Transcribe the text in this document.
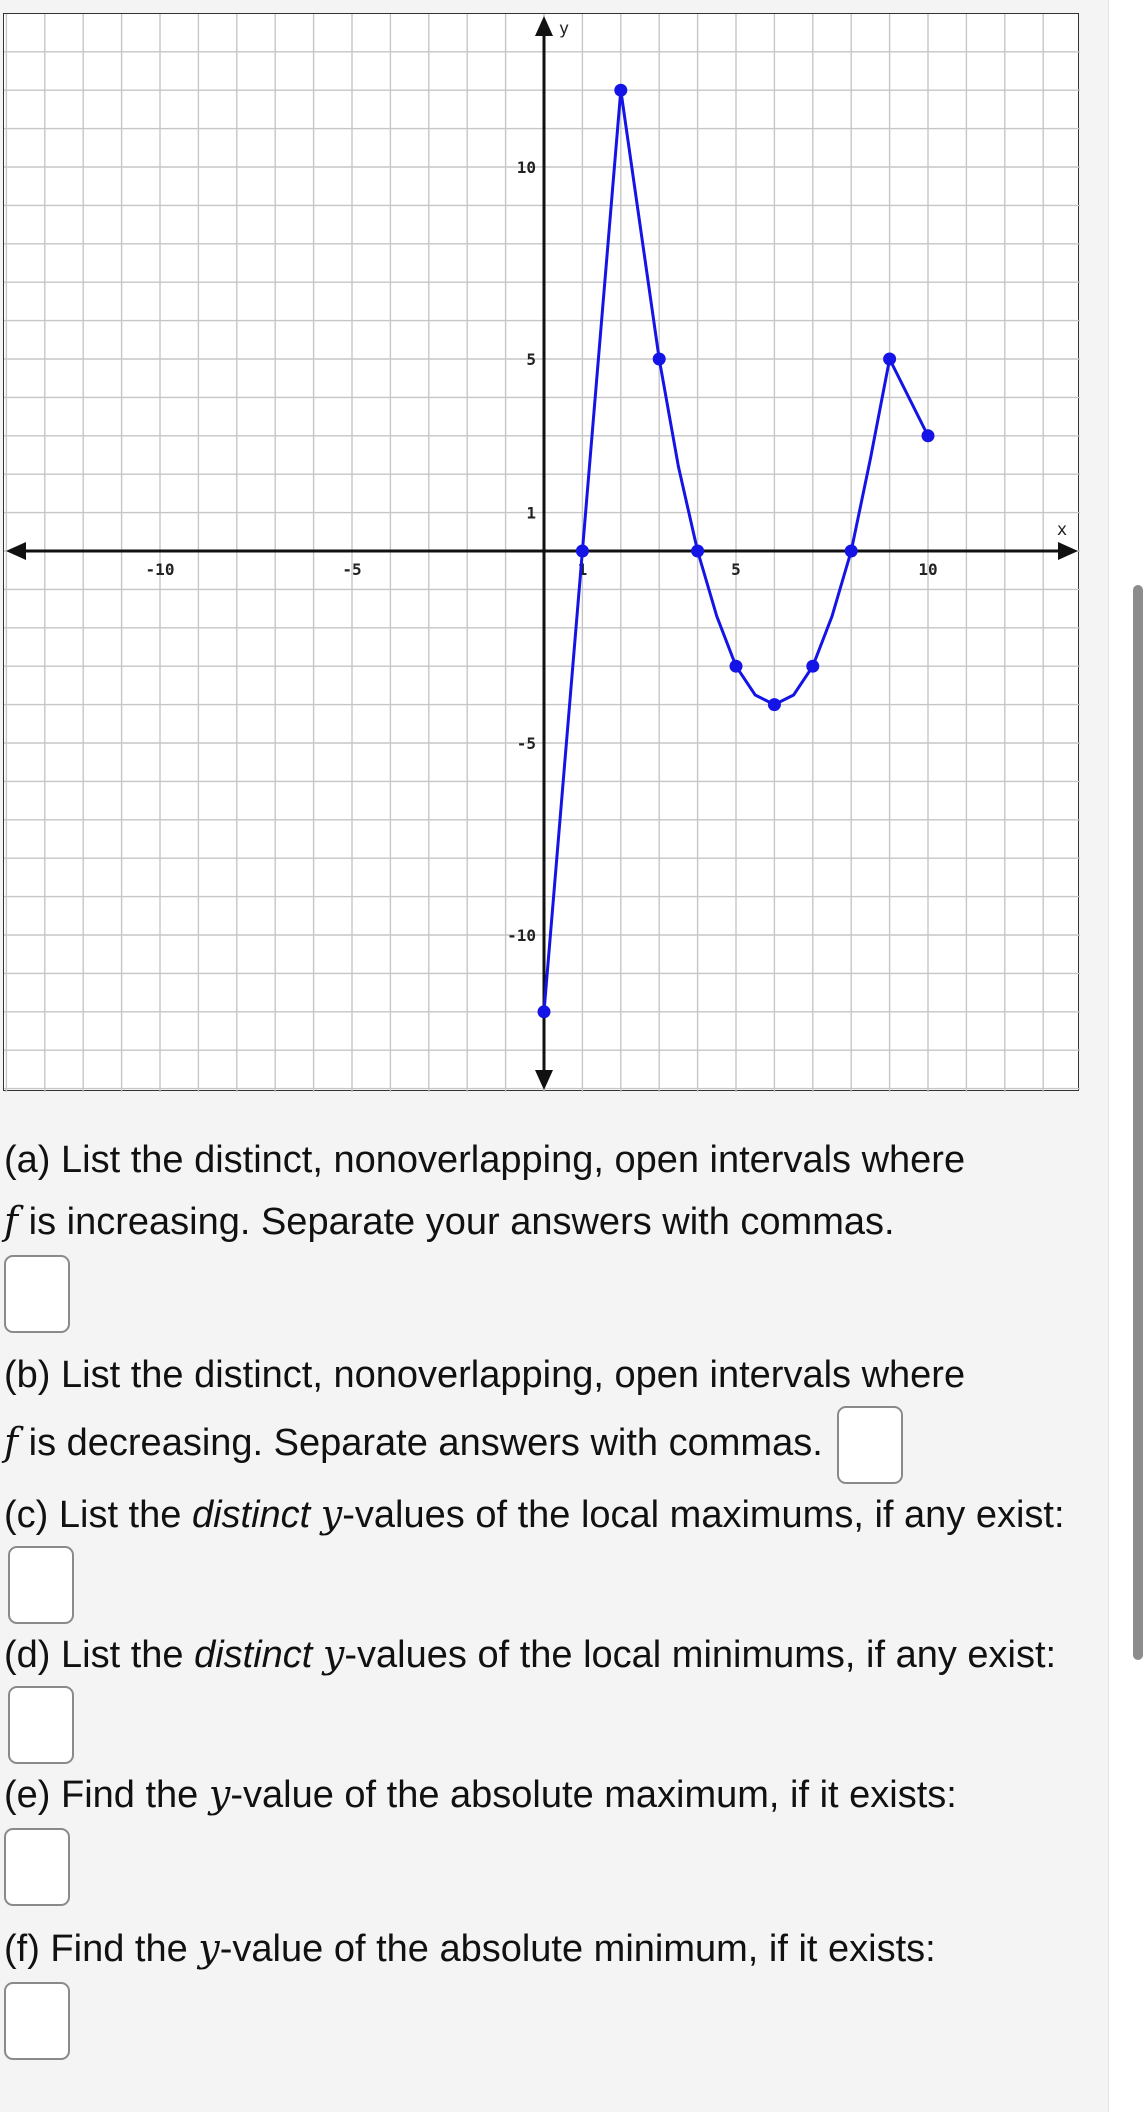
x
y
-10	-5	1	5	10
10
5
1
-5
-10

(a) List the distinct, nonoverlapping, open intervals where
f is increasing. Separate your answers with commas.

(b) List the distinct, nonoverlapping, open intervals where
f is decreasing. Separate answers with commas.

(c) List the distinct y-values of the local maximums, if any exist:

(d) List the distinct y-values of the local minimums, if any exist:

(e) Find the y-value of the absolute maximum, if it exists:

(f) Find the y-value of the absolute minimum, if it exists:
